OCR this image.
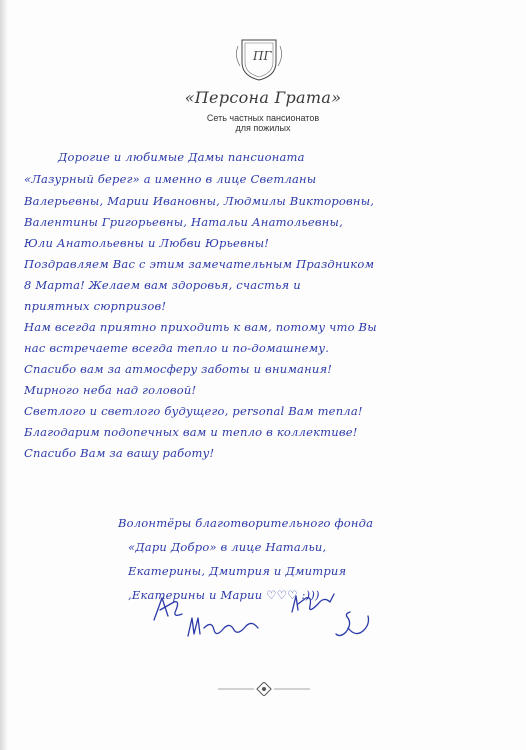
ПГ
«Персона Грата»
Сеть частных пансионатов
для пожилых
Дорогие и любимые Дамы пансионата
«Лазурный берег» а именно в лице Светланы
Валерьевны, Марии Ивановны, Людмилы Викторовны,
Валентины Григорьевны, Натальи Анатольевны,
Юли Анатольевны и Любви Юрьевны!
Поздравляем Вас с этим замечательным Праздником
8 Марта! Желаем вам здоровья, счастья и
приятных сюрпризов!
Нам всегда приятно приходить к вам, потому что Вы
нас встречаете всегда тепло и по-домашнему.
Спасибо вам за атмосферу заботы и внимания!
Мирного неба над головой!
Светлого и светлого будущего, personal Вам тепла!
Благодарим подопечных вам и тепло в коллективе!
Спасибо Вам за вашу работу!
Волонтёры благотворительного фонда
«Дари Добро» в лице Натальи,
Екатерины, Дмитрия и Дмитрия
,Екатерины и Марии ♡♡♡ :)))
